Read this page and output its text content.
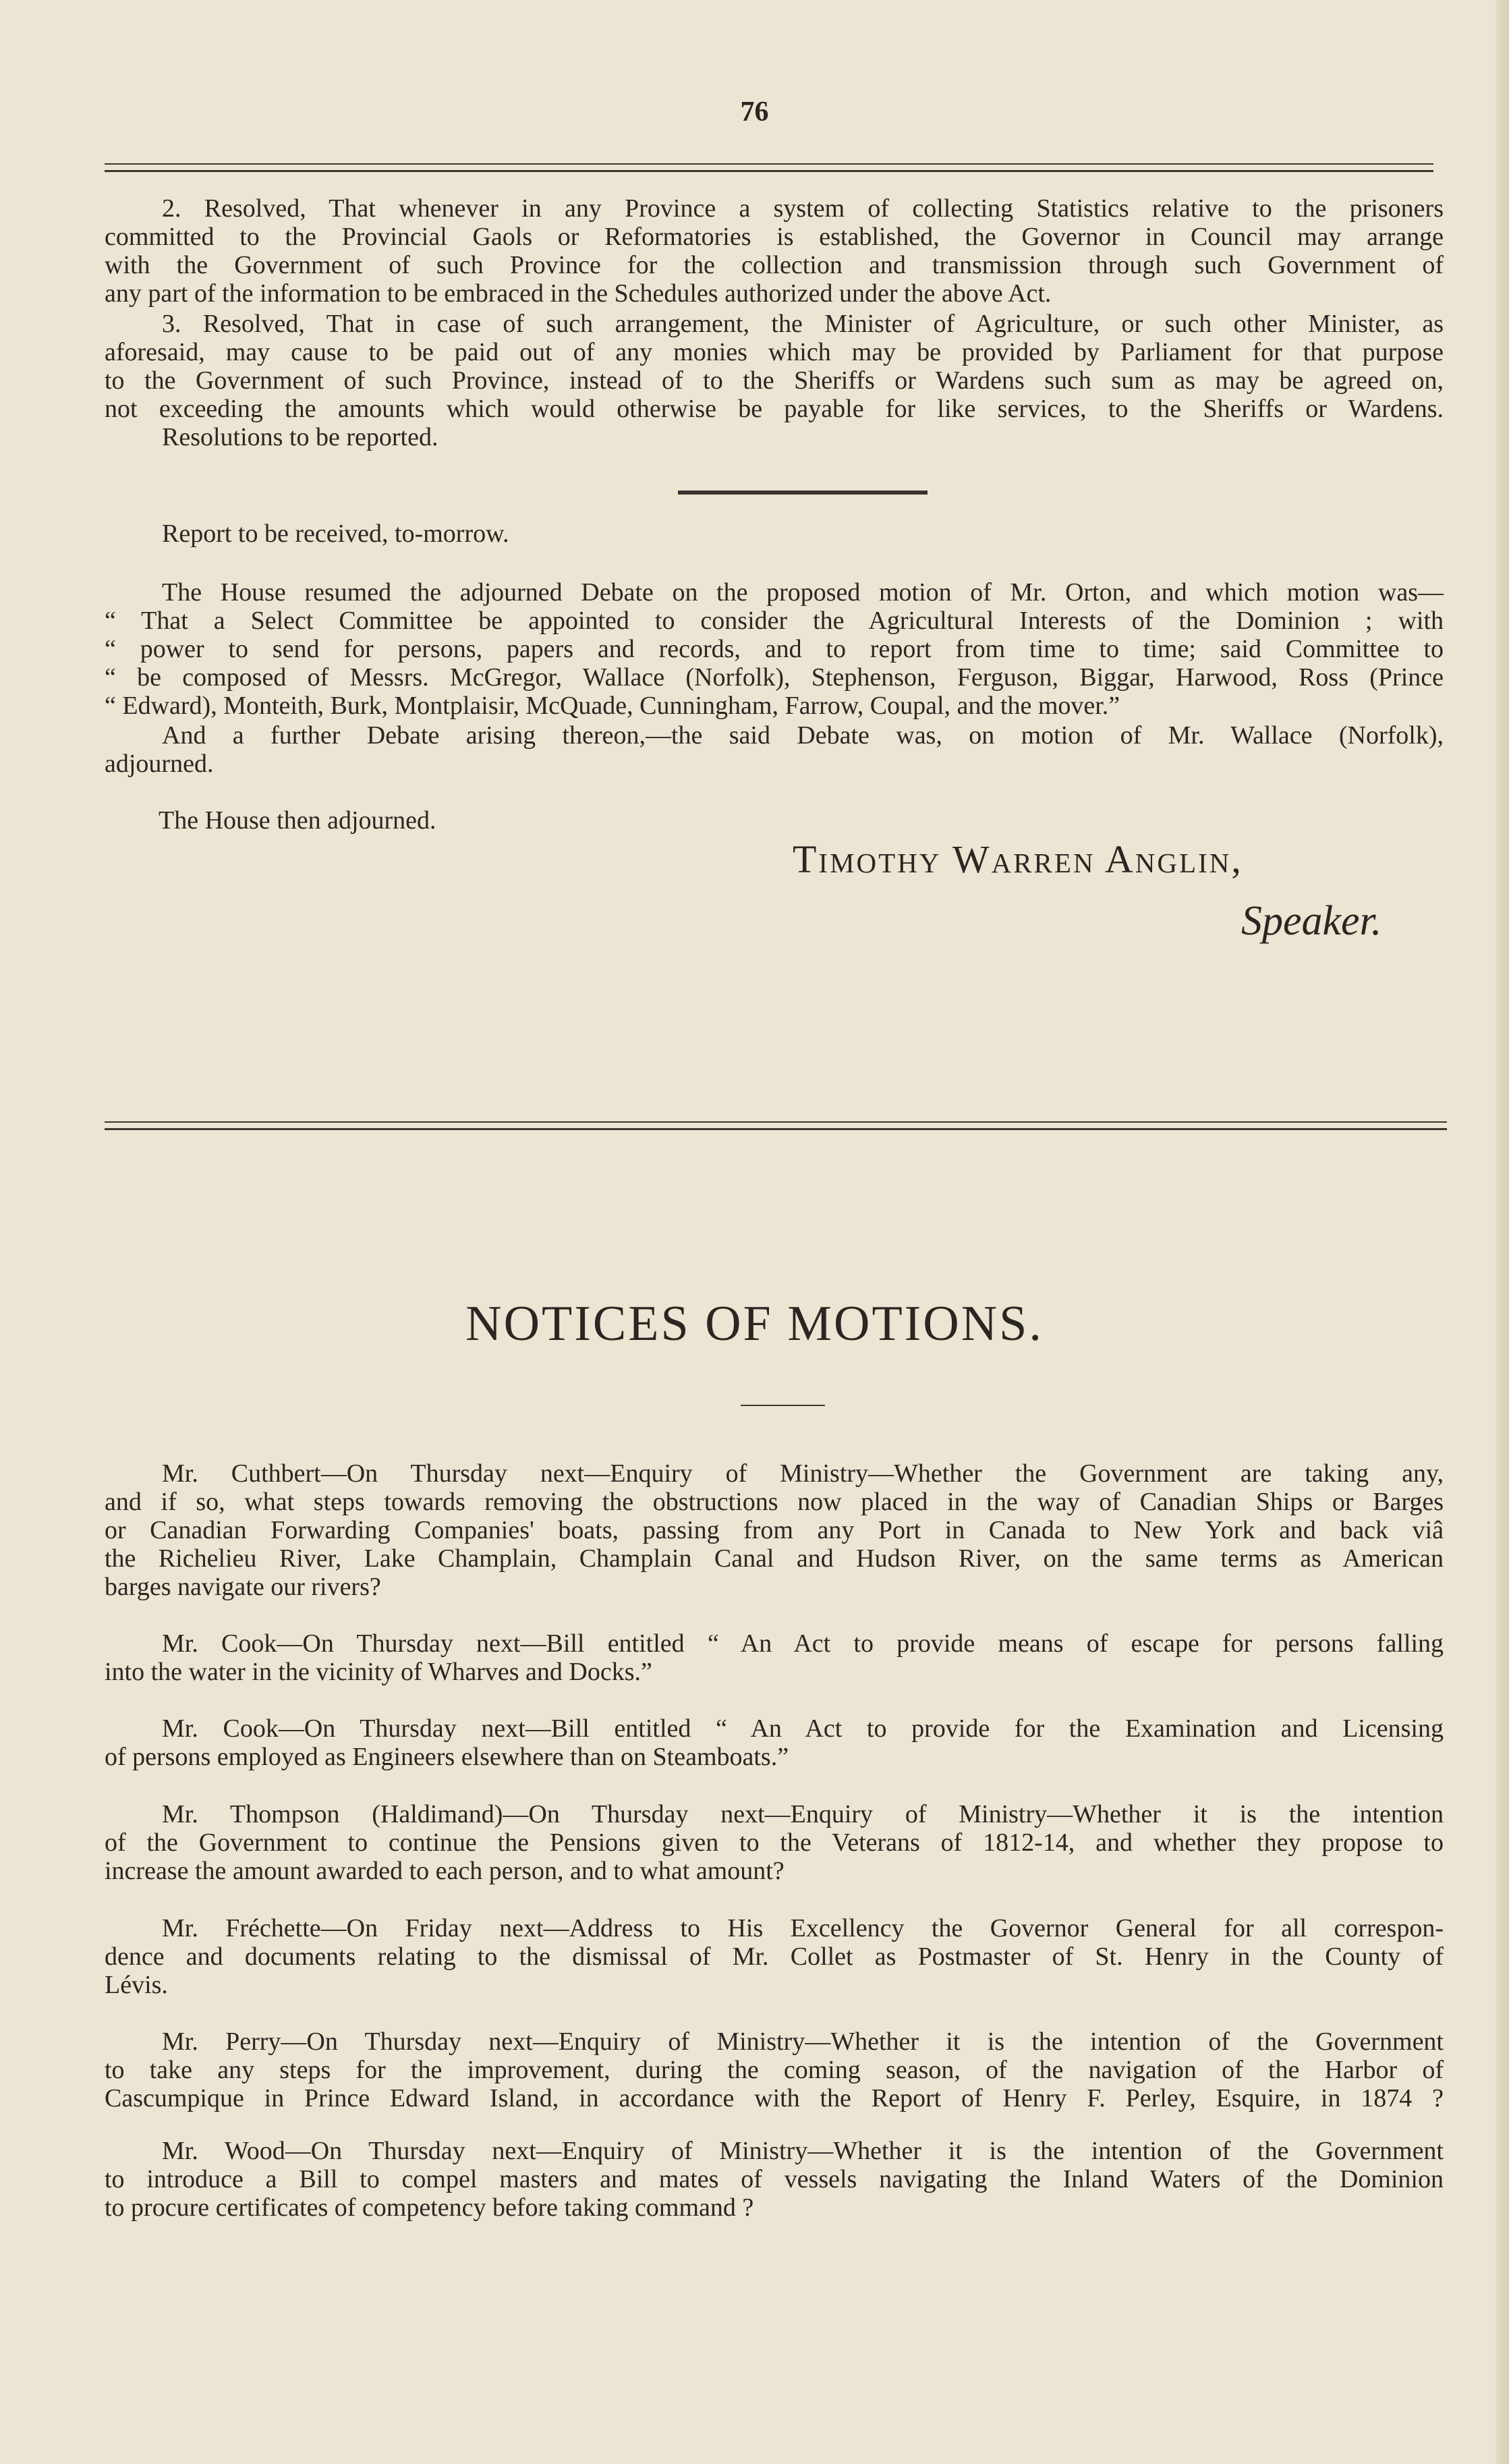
76
2. Resolved, That whenever in any Province a system of collecting Statistics relative to the prisoners
committed to the Provincial Gaols or Reformatories is established, the Governor in Council may arrange
with the Government of such Province for the collection and transmission through such Government of
any part of the information to be embraced in the Schedules authorized under the above Act.
3. Resolved, That in case of such arrangement, the Minister of Agriculture, or such other Minister, as
aforesaid, may cause to be paid out of any monies which may be provided by Parliament for that purpose
to the Government of such Province, instead of to the Sheriffs or Wardens such sum as may be agreed on,
not exceeding the amounts which would otherwise be payable for like services, to the Sheriffs or Wardens.
Resolutions to be reported.
Report to be received, to-morrow.
The House resumed the adjourned Debate on the proposed motion of Mr. Orton, and which motion was—
“ That a Select Committee be appointed to consider the Agricultural Interests of the Dominion ; with
“ power to send for persons, papers and records, and to report from time to time; said Committee to
“ be composed of Messrs. McGregor, Wallace (Norfolk), Stephenson, Ferguson, Biggar, Harwood, Ross (Prince
“ Edward), Monteith, Burk, Montplaisir, McQuade, Cunningham, Farrow, Coupal, and the mover.”
And a further Debate arising thereon,—the said Debate was, on motion of Mr. Wallace (Norfolk),
adjourned.
The House then adjourned.
Timothy Warren Anglin,
Speaker.
NOTICES OF MOTIONS.
Mr. Cuthbert—On Thursday next—Enquiry of Ministry—Whether the Government are taking any,
and if so, what steps towards removing the obstructions now placed in the way of Canadian Ships or Barges
or Canadian Forwarding Companies' boats, passing from any Port in Canada to New York and back viâ
the Richelieu River, Lake Champlain, Champlain Canal and Hudson River, on the same terms as American
barges navigate our rivers?
Mr. Cook—On Thursday next—Bill entitled “ An Act to provide means of escape for persons falling
into the water in the vicinity of Wharves and Docks.”
Mr. Cook—On Thursday next—Bill entitled “ An Act to provide for the Examination and Licensing
of persons employed as Engineers elsewhere than on Steamboats.”
Mr. Thompson (Haldimand)—On Thursday next—Enquiry of Ministry—Whether it is the intention
of the Government to continue the Pensions given to the Veterans of 1812-14, and whether they propose to
increase the amount awarded to each person, and to what amount?
Mr. Fréchette—On Friday next—Address to His Excellency the Governor General for all correspon-
dence and documents relating to the dismissal of Mr. Collet as Postmaster of St. Henry in the County of
Lévis.
Mr. Perry—On Thursday next—Enquiry of Ministry—Whether it is the intention of the Government
to take any steps for the improvement, during the coming season, of the navigation of the Harbor of
Cascumpique in Prince Edward Island, in accordance with the Report of Henry F. Perley, Esquire, in 1874 ?
Mr. Wood—On Thursday next—Enquiry of Ministry—Whether it is the intention of the Government
to introduce a Bill to compel masters and mates of vessels navigating the Inland Waters of the Dominion
to procure certificates of competency before taking command ?
